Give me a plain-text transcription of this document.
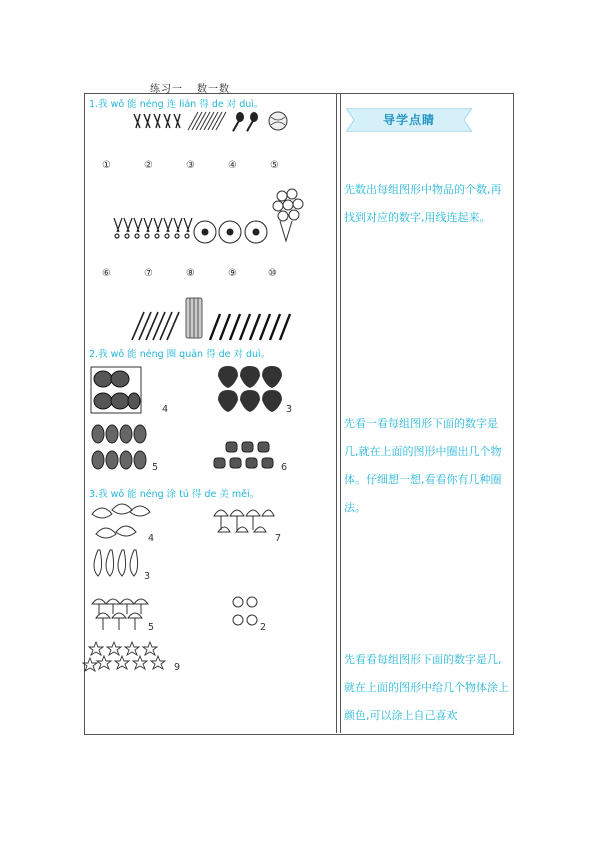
练习一 数一数
1.我 wǒ 能 néng 连 lián 得 de 对 duì。
①	②	③	④	⑤
⑥	⑦	⑧	⑨	⑩
2.我 wǒ 能 néng 圈 quān 得 de 对 duì。
4	3
5	6
3.我 wǒ 能 néng 涂 tú 得 de 美 měi。
4	7
3
5	2
9
导学点睛
先数出每组图形中物品的个数,再找到对应的数字,用线连起来。
先看一看每组图形下面的数字是几,就在上面的图形中圈出几个物体。仔细想一想,看看你有几种圈法。
先看看每组图形下面的数字是几,就在上面的图形中给几个物体涂上颜色,可以涂上自己喜欢
